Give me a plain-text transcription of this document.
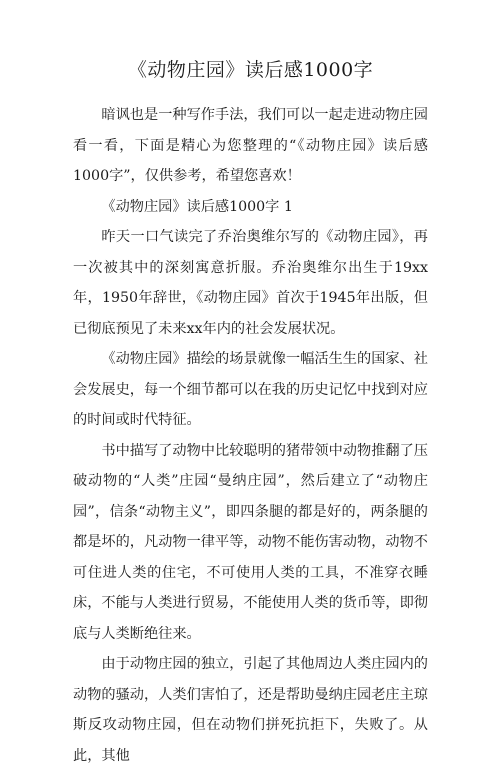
《动物庄园》读后感1000字

暗讽也是一种写作手法，我们可以一起走进动物庄园看一看，下面是精心为您整理的“《动物庄园》读后感1000字”，仅供参考，希望您喜欢！

《动物庄园》读后感1000字 1

昨天一口气读完了乔治奥维尔写的《动物庄园》，再一次被其中的深刻寓意折服。乔治奥维尔出生于19xx年，1950年辞世，《动物庄园》首次于1945年出版，但已彻底预见了未来xx年内的社会发展状况。

《动物庄园》描绘的场景就像一幅活生生的国家、社会发展史，每一个细节都可以在我的历史记忆中找到对应的时间或时代特征。

书中描写了动物中比较聪明的猪带领中动物推翻了压破动物的“人类”庄园“曼纳庄园”，然后建立了“动物庄园”，信条“动物主义”，即四条腿的都是好的，两条腿的都是坏的，凡动物一律平等，动物不能伤害动物，动物不可住进人类的住宅，不可使用人类的工具，不准穿衣睡床，不能与人类进行贸易，不能使用人类的货币等，即彻底与人类断绝往来。

由于动物庄园的独立，引起了其他周边人类庄园内的动物的骚动，人类们害怕了，还是帮助曼纳庄园老庄主琼斯反攻动物庄园，但在动物们拼死抗拒下，失败了。从此，其他
